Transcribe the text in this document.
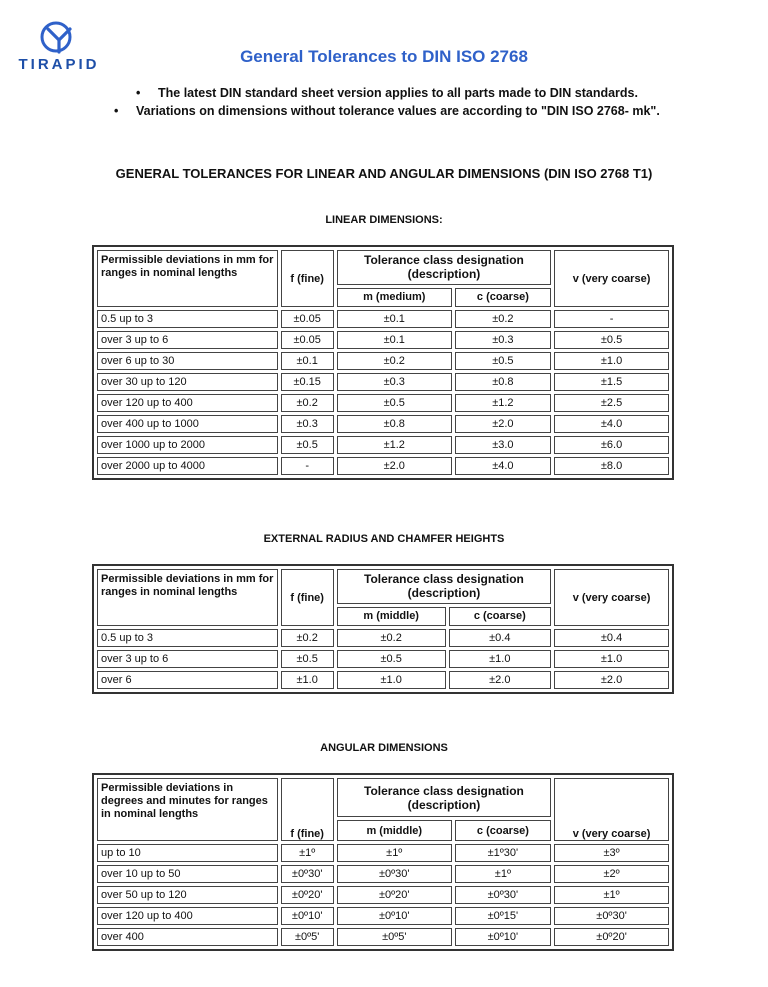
TIRAPID	General Tolerances to DIN ISO 2768
• The latest DIN standard sheet version applies to all parts made to DIN standards.
• Variations on dimensions without tolerance values are according to "DIN ISO 2768- mk".
GENERAL TOLERANCES FOR LINEAR AND ANGULAR DIMENSIONS (DIN ISO 2768 T1)
LINEAR DIMENSIONS:
Permissible deviations in mm for ranges in nominal lengths	f (fine)	Tolerance class designation (description)		v (very coarse)
		m (medium)	c (coarse)	
0.5 up to 3	±0.05	±0.1	±0.2	-
over 3 up to 6	±0.05	±0.1	±0.3	±0.5
over 6 up to 30	±0.1	±0.2	±0.5	±1.0
over 30 up to 120	±0.15	±0.3	±0.8	±1.5
over 120 up to 400	±0.2	±0.5	±1.2	±2.5
over 400 up to 1000	±0.3	±0.8	±2.0	±4.0
over 1000 up to 2000	±0.5	±1.2	±3.0	±6.0
over 2000 up to 4000	-	±2.0	±4.0	±8.0
EXTERNAL RADIUS AND CHAMFER HEIGHTS
Permissible deviations in mm for ranges in nominal lengths	f (fine)	Tolerance class designation (description)		v (very coarse)
		m (middle)	c (coarse)	
0.5 up to 3	±0.2	±0.2	±0.4	±0.4
over 3 up to 6	±0.5	±0.5	±1.0	±1.0
over 6	±1.0	±1.0	±2.0	±2.0
ANGULAR DIMENSIONS
Permissible deviations in degrees and minutes for ranges in nominal lengths	f (fine)	Tolerance class designation (description)		v (very coarse)
		m (middle)	c (coarse)	
up to 10	±1º	±1º	±1º30'	±3º
over 10 up to 50	±0º30'	±0º30'	±1º	±2º
over 50 up to 120	±0º20'	±0º20'	±0º30'	±1º
over 120 up to 400	±0º10'	±0º10'	±0º15'	±0º30'
over 400	±0º5'	±0º5'	±0º10'	±0º20'
